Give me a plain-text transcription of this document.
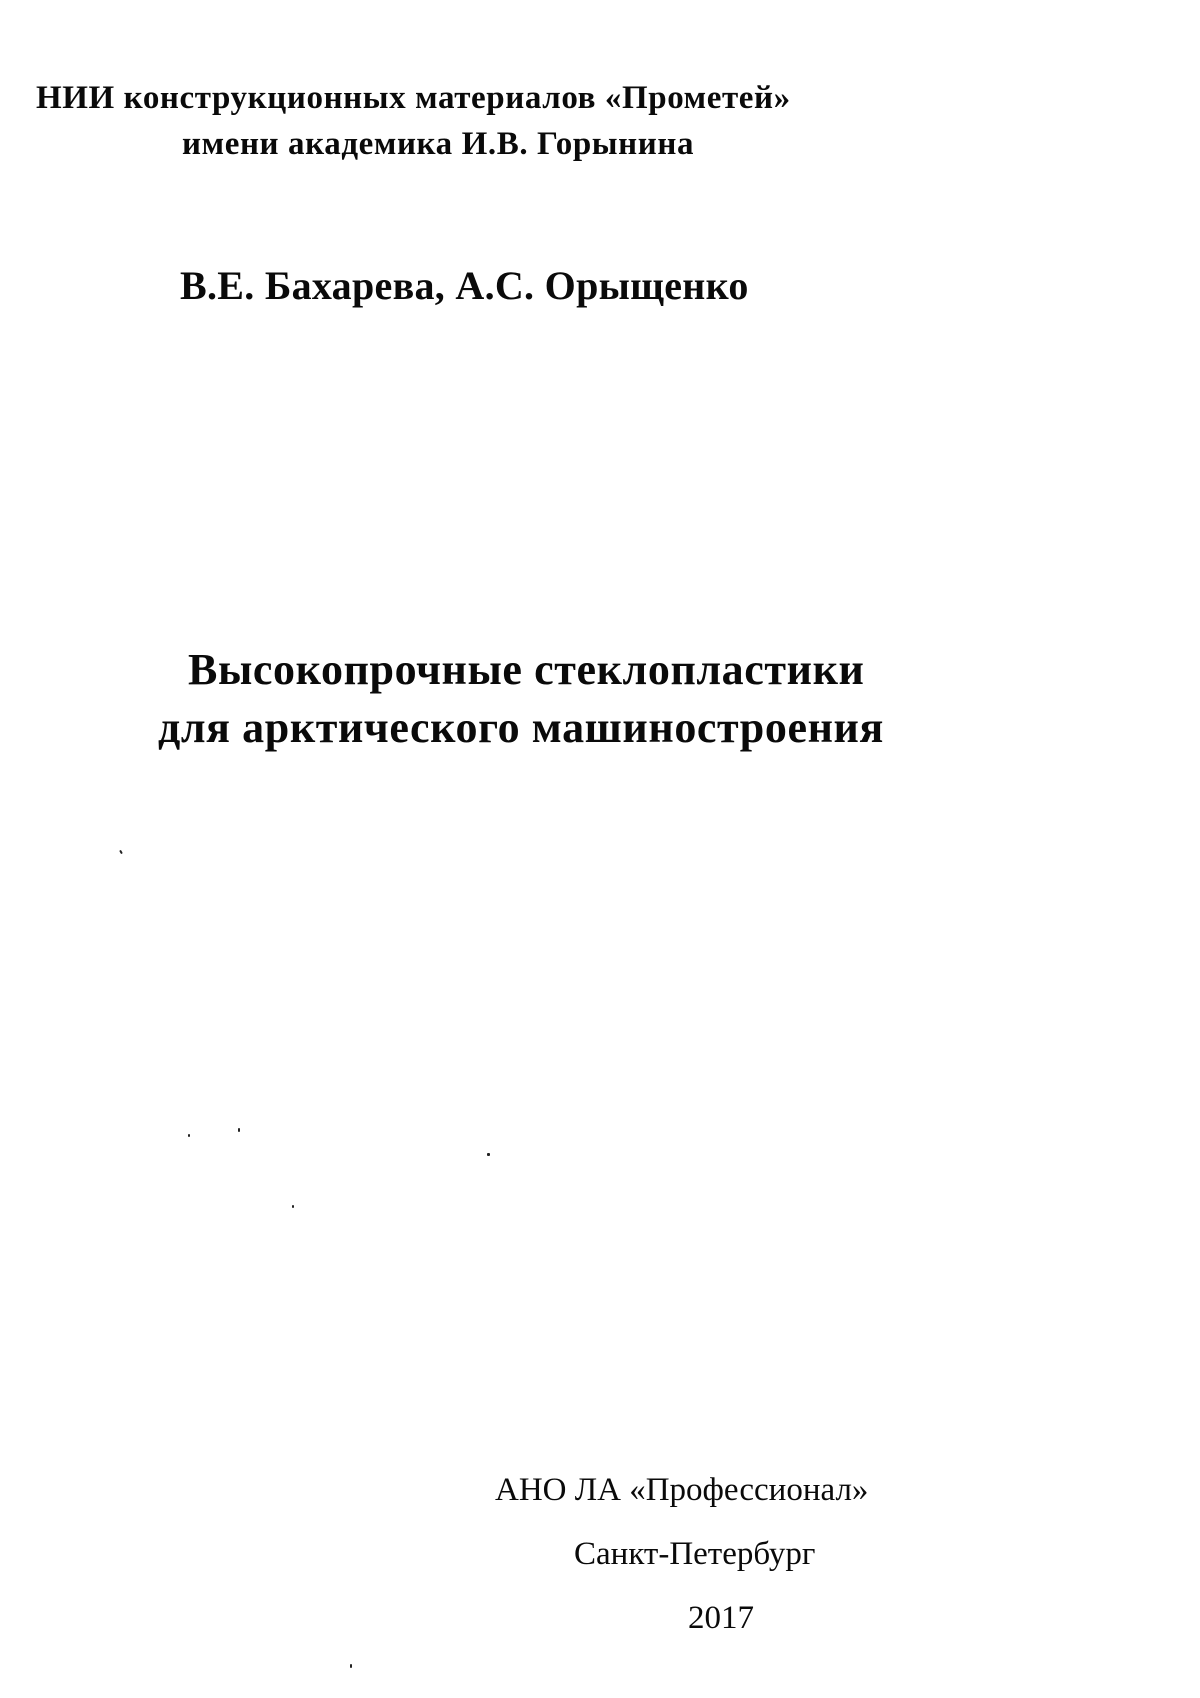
НИИ конструкционных материалов «Прометей»
имени академика И.В. Горынина
В.Е. Бахарева, А.С. Орыщенко
Высокопрочные стеклопластики
для арктического машиностроения
АНО ЛА «Профессионал»
Санкт-Петербург
2017
